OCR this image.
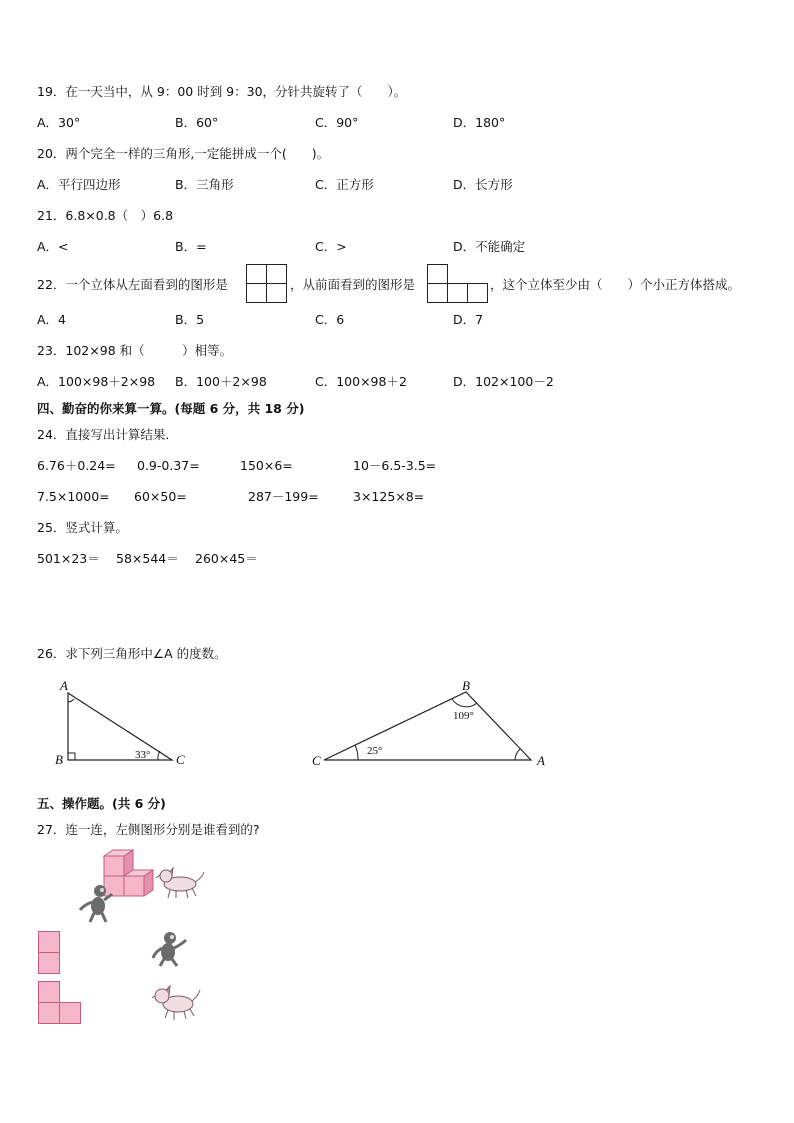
19．在一天当中，从 9：00 时到 9：30，分针共旋转了（　　）。
A．30°	B．60°	C．90°	D．180°
20．两个完全一样的三角形,一定能拼成一个(　　)。
A．平行四边形	B．三角形	C．正方形	D．长方形
21．6.8×0.8（　）6.8
A．<	B．=	C．>	D．不能确定
22．一个立体从左面看到的图形是	，从前面看到的图形是	，这个立体至少由（　　）个小正方体搭成。
A．4	B．5	C．6	D．7
23．102×98 和（　　　）相等。
A．100×98＋2×98 B．100＋2×98	C．100×98＋2	D．102×100－2
四、勤奋的你来算一算。(每题 6 分，共 18 分)
24．直接写出计算结果．
6.76＋0.24= 0.9-0.37=	150×6=	10－6.5-3.5=
7.5×1000= 60×50=	287－199=	3×125×8=
25．竖式计算。
501×23＝ 58×544＝ 260×45＝
26．求下列三角形中∠A 的度数。
A
B	C
33°
B
C	A
109°
25°
五、操作题。(共 6 分)
27．连一连，左侧图形分别是谁看到的?
